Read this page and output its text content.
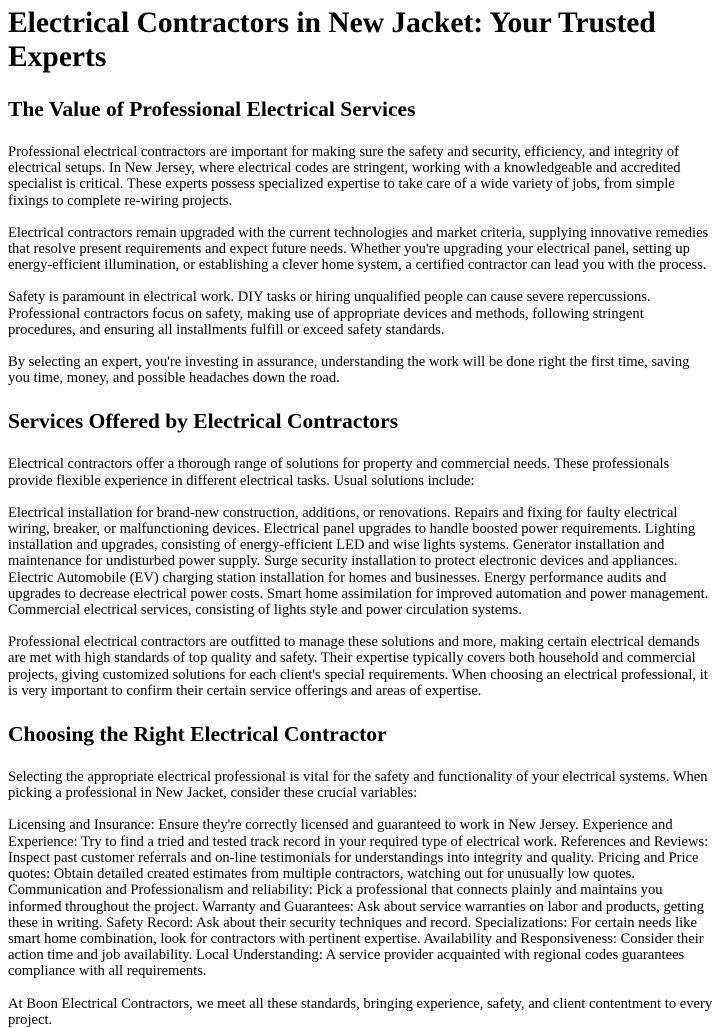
Electrical Contractors in New Jacket: Your Trusted Experts
The Value of Professional Electrical Services

Professional electrical contractors are important for making sure the safety and security, efficiency, and integrity of electrical setups. In New Jersey, where electrical codes are stringent, working with a knowledgeable and accredited specialist is critical. These experts possess specialized expertise to take care of a wide variety of jobs, from simple fixings to complete re-wiring projects.

Electrical contractors remain upgraded with the current technologies and market criteria, supplying innovative remedies that resolve present requirements and expect future needs. Whether you're upgrading your electrical panel, setting up energy-efficient illumination, or establishing a clever home system, a certified contractor can lead you with the process.

Safety is paramount in electrical work. DIY tasks or hiring unqualified people can cause severe repercussions. Professional contractors focus on safety, making use of appropriate devices and methods, following stringent procedures, and ensuring all installments fulfill or exceed safety standards.

By selecting an expert, you're investing in assurance, understanding the work will be done right the first time, saving you time, money, and possible headaches down the road.

Services Offered by Electrical Contractors

Electrical contractors offer a thorough range of solutions for property and commercial needs. These professionals provide flexible experience in different electrical tasks. Usual solutions include:

Electrical installation for brand-new construction, additions, or renovations. Repairs and fixing for faulty electrical wiring, breaker, or malfunctioning devices. Electrical panel upgrades to handle boosted power requirements. Lighting installation and upgrades, consisting of energy-efficient LED and wise lights systems. Generator installation and maintenance for undisturbed power supply. Surge security installation to protect electronic devices and appliances. Electric Automobile (EV) charging station installation for homes and businesses. Energy performance audits and upgrades to decrease electrical power costs. Smart home assimilation for improved automation and power management. Commercial electrical services, consisting of lights style and power circulation systems.

Professional electrical contractors are outfitted to manage these solutions and more, making certain electrical demands are met with high standards of top quality and safety. Their expertise typically covers both household and commercial projects, giving customized solutions for each client's special requirements. When choosing an electrical professional, it is very important to confirm their certain service offerings and areas of expertise.

Choosing the Right Electrical Contractor

Selecting the appropriate electrical professional is vital for the safety and functionality of your electrical systems. When picking a professional in New Jacket, consider these crucial variables:

Licensing and Insurance: Ensure they're correctly licensed and guaranteed to work in New Jersey. Experience and Experience: Try to find a tried and tested track record in your required type of electrical work. References and Reviews: Inspect past customer referrals and on-line testimonials for understandings into integrity and quality. Pricing and Price quotes: Obtain detailed created estimates from multiple contractors, watching out for unusually low quotes. Communication and Professionalism and reliability: Pick a professional that connects plainly and maintains you informed throughout the project. Warranty and Guarantees: Ask about service warranties on labor and products, getting these in writing. Safety Record: Ask about their security techniques and record. Specializations: For certain needs like smart home combination, look for contractors with pertinent expertise. Availability and Responsiveness: Consider their action time and job availability. Local Understanding: A service provider acquainted with regional codes guarantees compliance with all requirements.

At Boon Electrical Contractors, we meet all these standards, bringing experience, safety, and client contentment to every project.
